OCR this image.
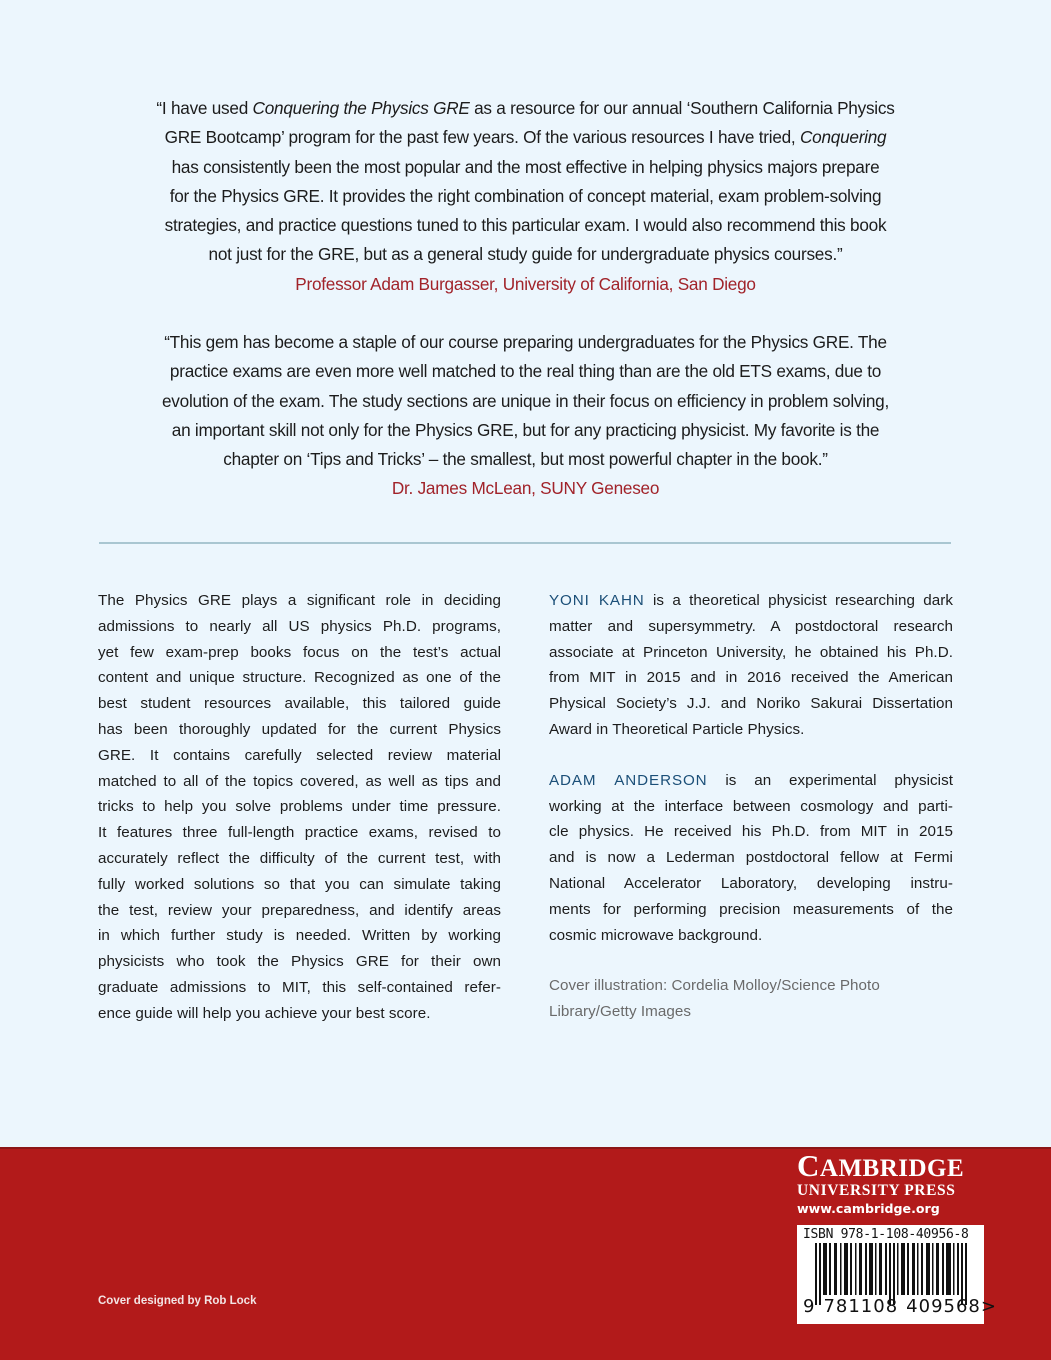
“I have used Conquering the Physics GRE as a resource for our annual ‘Southern California Physics
GRE Bootcamp’ program for the past few years. Of the various resources I have tried, Conquering
has consistently been the most popular and the most effective in helping physics majors prepare
for the Physics GRE. It provides the right combination of concept material, exam problem-solving
strategies, and practice questions tuned to this particular exam. I would also recommend this book
not just for the GRE, but as a general study guide for undergraduate physics courses.”
Professor Adam Burgasser, University of California, San Diego
“This gem has become a staple of our course preparing undergraduates for the Physics GRE. The
practice exams are even more well matched to the real thing than are the old ETS exams, due to
evolution of the exam. The study sections are unique in their focus on efficiency in problem solving,
an important skill not only for the Physics GRE, but for any practicing physicist. My favorite is the
chapter on ‘Tips and Tricks’ – the smallest, but most powerful chapter in the book.”
Dr. James McLean, SUNY Geneseo
The Physics GRE plays a significant role in deciding
admissions to nearly all US physics Ph.D. programs,
yet few exam-prep books focus on the test’s actual
content and unique structure. Recognized as one of the
best student resources available, this tailored guide
has been thoroughly updated for the current Physics
GRE. It contains carefully selected review material
matched to all of the topics covered, as well as tips and
tricks to help you solve problems under time pressure.
It features three full-length practice exams, revised to
accurately reflect the difficulty of the current test, with
fully worked solutions so that you can simulate taking
the test, review your preparedness, and identify areas
in which further study is needed. Written by working
physicists who took the Physics GRE for their own
graduate admissions to MIT, this self-contained refer-
ence guide will help you achieve your best score.
YONI KAHN is a theoretical physicist researching dark
matter and supersymmetry. A postdoctoral research
associate at Princeton University, he obtained his Ph.D.
from MIT in 2015 and in 2016 received the American
Physical Society’s J.J. and Noriko Sakurai Dissertation
Award in Theoretical Particle Physics.
ADAM ANDERSON is an experimental physicist
working at the interface between cosmology and parti-
cle physics. He received his Ph.D. from MIT in 2015
and is now a Lederman postdoctoral fellow at Fermi
National Accelerator Laboratory, developing instru-
ments for performing precision measurements of the
cosmic microwave background.
Cover illustration: Cordelia Molloy/Science Photo
Library/Getty Images
Cover designed by Rob Lock
CAMBRIDGE
UNIVERSITY PRESS
www.cambridge.org
ISBN 978-1-108-40956-8
9 781108 409568>
